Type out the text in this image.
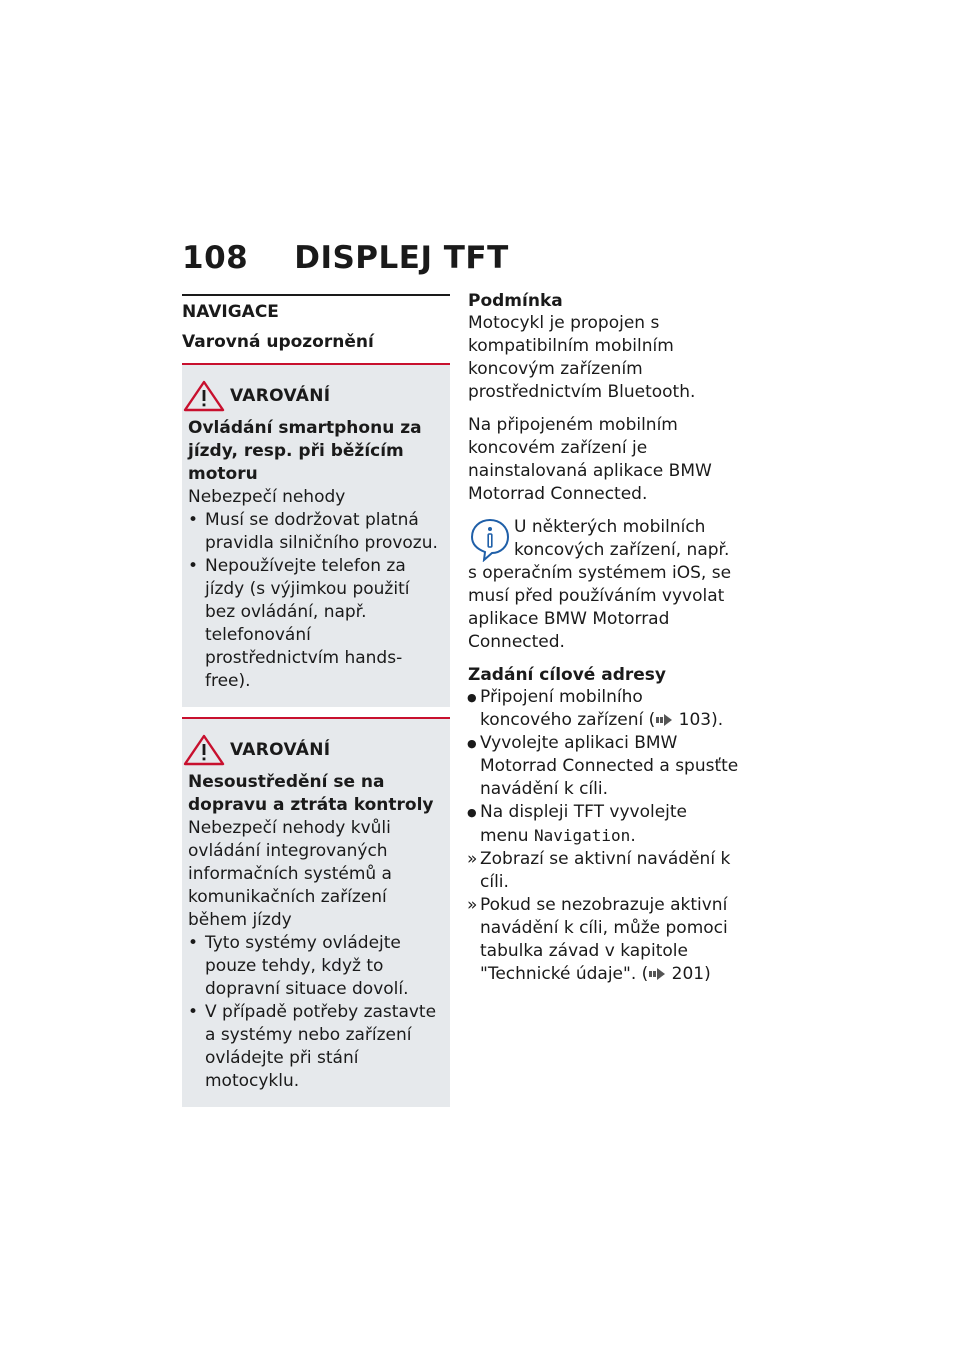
108 DISPLEJ TFT
NAVIGACE
Varovná upozornění
VAROVÁNÍ
Ovládání smartphonu za jízdy, resp. při běžícím motoru
Nebezpečí nehody
• Musí se dodržovat platná pravidla silničního provozu.
• Nepoužívejte telefon za jízdy (s výjimkou použití bez ovládání, např. telefonování prostřednictvím hands-free).
VAROVÁNÍ
Nesoustředění se na dopravu a ztráta kontroly
Nebezpečí nehody kvůli ovládání integrovaných informačních systémů a komunikačních zařízení během jízdy
• Tyto systémy ovládejte pouze tehdy, když to dopravní situace dovolí.
• V případě potřeby zastavte a systémy nebo zařízení ovládejte při stání motocyklu.
Podmínka

Motocykl je propojen s kompatibilním mobilním koncovým zařízením prostřednictvím Bluetooth.

Na připojeném mobilním koncovém zařízení je nainstalovaná aplikace BMW Motorrad Connected.

U některých mobilních koncových zařízení, např. s operačním systémem iOS, se musí před používáním vyvolat aplikace BMW Motorrad Connected.
Zadání cílové adresy
● Připojení mobilního koncového zařízení ( 103).
● Vyvolejte aplikaci BMW Motorrad Connected a spusťte navádění k cíli.
● Na displeji TFT vyvolejte menu Navigation.
» Zobrazí se aktivní navádění k cíli.
» Pokud se nezobrazuje aktivní navádění k cíli, může pomoci tabulka závad v kapitole "Technické údaje". ( 201)
